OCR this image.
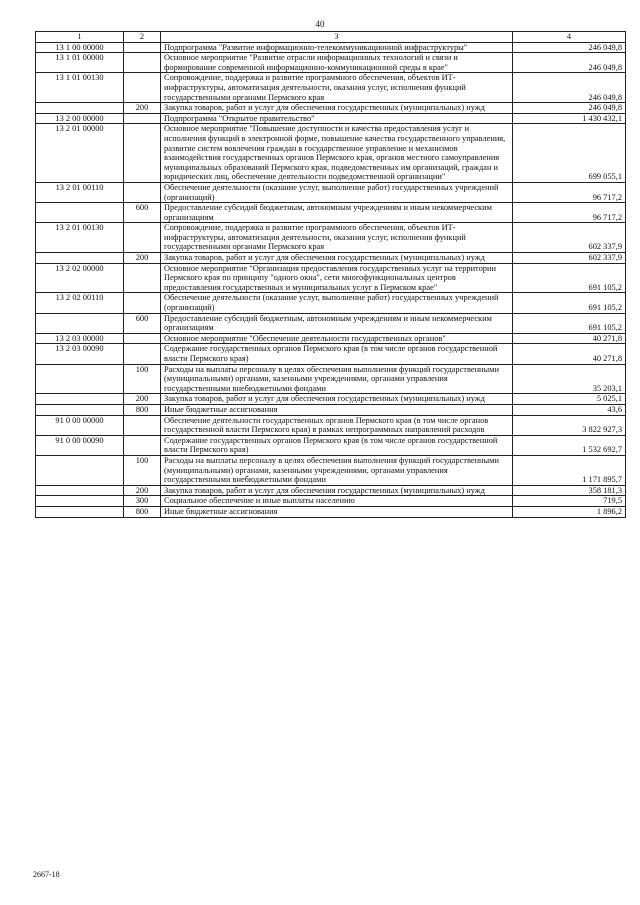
40
1	2	3	4
13 1 00 00000		Подпрограмма "Развитие информационно-телекоммуникационной инфраструктуры"	246 049,8
13 1 01 00000		Основное мероприятие "Развитие отрасли информационных технологий и связи и формирование современной информационно-коммуникационной среды в крае"	246 049,8
13 1 01 00130		Сопровождение, поддержка и развитие программного обеспечения, объектов ИТ-инфраструктуры, автоматизация деятельности, оказания услуг, исполнения функций государственными органами Пермского края	246 049,8
	200	Закупка товаров, работ и услуг для обеспечения государственных (муниципальных) нужд	246 049,8
13 2 00 00000		Подпрограмма "Открытое правительство"	1 430 432,1
13 2 01 00000		Основное мероприятие "Повышение доступности и качества предоставления услуг и исполнения функций в электронной форме, повышение качества государственного управления, развитие систем вовлечения граждан в государственное управление и механизмов взаимодействия государственных органов Пермского края, органов местного самоуправления муниципальных образований Пермского края, подведомственных им организаций, граждан и юридических лиц, обеспечение деятельности подведомственной организации"	699 055,1
13 2 01 00110		Обеспечение деятельности (оказание услуг, выполнение работ) государственных учреждений (организаций)	96 717,2
	600	Предоставление субсидий бюджетным, автономным учреждениям и иным некоммерческим организациям	96 717,2
13 2 01 00130		Сопровождение, поддержка и развитие программного обеспечения, объектов ИТ-инфраструктуры, автоматизация деятельности, оказания услуг, исполнения функций государственными органами Пермского края	602 337,9
	200	Закупка товаров, работ и услуг для обеспечения государственных (муниципальных) нужд	602 337,9
13 2 02 00000		Основное мероприятие "Организация предоставления государственных услуг на территории Пермского края по принципу "одного окна", сети многофункциональных центров предоставления государственных и муниципальных услуг в Пермском крае"	691 105,2
13 2 02 00110		Обеспечение деятельности (оказание услуг, выполнение работ) государственных учреждений (организаций)	691 105,2
	600	Предоставление субсидий бюджетным, автономным учреждениям и иным некоммерческим организациям	691 105,2
13 2 03 00000		Основное мероприятие "Обеспечение деятельности государственных органов"	40 271,8
13 2 03 00090		Содержание государственных органов Пермского края (в том числе органов государственной власти Пермского края)	40 271,8
	100	Расходы на выплаты персоналу в целях обеспечения выполнения функций государственными (муниципальными) органами, казенными учреждениями, органами управления государственными внебюджетными фондами	35 203,1
	200	Закупка товаров, работ и услуг для обеспечения государственных (муниципальных) нужд	5 025,1
	800	Иные бюджетные ассигнования	43,6
91 0 00 00000		Обеспечение деятельности государственных органов Пермского края (в том числе органов государственной власти Пермского края) в рамках непрограммных направлений расходов	3 822 927,3
91 0 00 00090		Содержание государственных органов Пермского края (в том числе органов государственной власти Пермского края)	1 532 692,7
	100	Расходы на выплаты персоналу в целях обеспечения выполнения функций государственными (муниципальными) органами, казенными учреждениями, органами управления государственными внебюджетными фондами	1 171 895,7
	200	Закупка товаров, работ и услуг для обеспечения государственных (муниципальных) нужд	358 181,3
	300	Социальное обеспечение и иные выплаты населению	719,5
	800	Иные бюджетные ассигнования	1 896,2
2667-18
